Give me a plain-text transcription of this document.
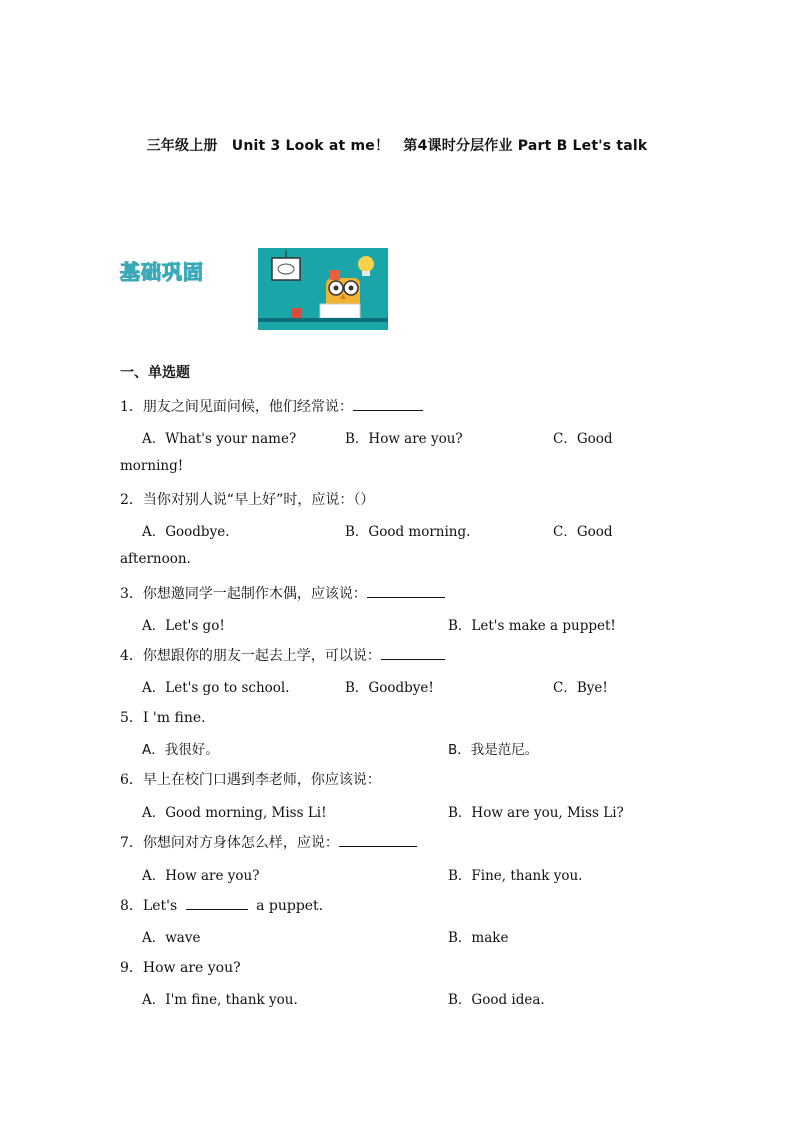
三年级上册　Unit 3 Look at me！　第4课时分层作业 Part B Let's talk
基础巩固
一、单选题
1．朋友之间见面问候，他们经常说：
A．What's your name?	B．How are you?	C．Good
morning!
2．当你对别人说“早上好”时，应说：（）
A．Goodbye.	B．Good morning.	C．Good
afternoon.
3．你想邀同学一起制作木偶，应该说：
A．Let's go!	B．Let's make a puppet!
4．你想跟你的朋友一起去上学，可以说：
A．Let's go to school.	B．Goodbye!	C．Bye!
5．I 'm fine.
A．我很好。	B．我是范尼。
6．早上在校门口遇到李老师，你应该说：
A．Good morning, Miss Li!	B．How are you, Miss Li?
7．你想问对方身体怎么样，应说：
A．How are you?	B．Fine, thank you.
8．Let's	a puppet.
A．wave	B．make
9．How are you?
A．I'm fine, thank you.	B．Good idea.
